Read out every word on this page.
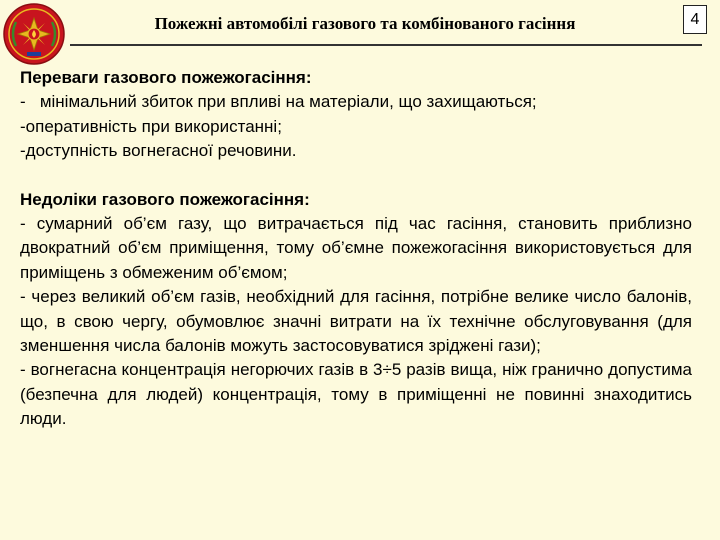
Пожежні автомобілі газового та комбінованого гасіння	4

Переваги газового пожежогасіння:

-   мінімальний збиток при впливі на матеріали, що захищаються;

-оперативність при використанні;

-доступність вогнегасної речовини.

Недоліки газового пожежогасіння:

- сумарний об’єм газу, що витрачається під час гасіння, становить приблизно двократний об’єм приміщення, тому об’ємне пожежогасіння використовується для приміщень з обмеженим об’ємом;

- через великий об’єм газів, необхідний для гасіння, потрібне велике число балонів, що, в свою чергу, обумовлює значні витрати на їх технічне обслуговування (для зменшення числа балонів можуть застосовуватися зріджені гази);

- вогнегасна концентрація негорючих газів в 3÷5 разів вища, ніж гранично допустима (безпечна для людей) концентрація, тому в приміщенні не повинні знаходитись люди.
